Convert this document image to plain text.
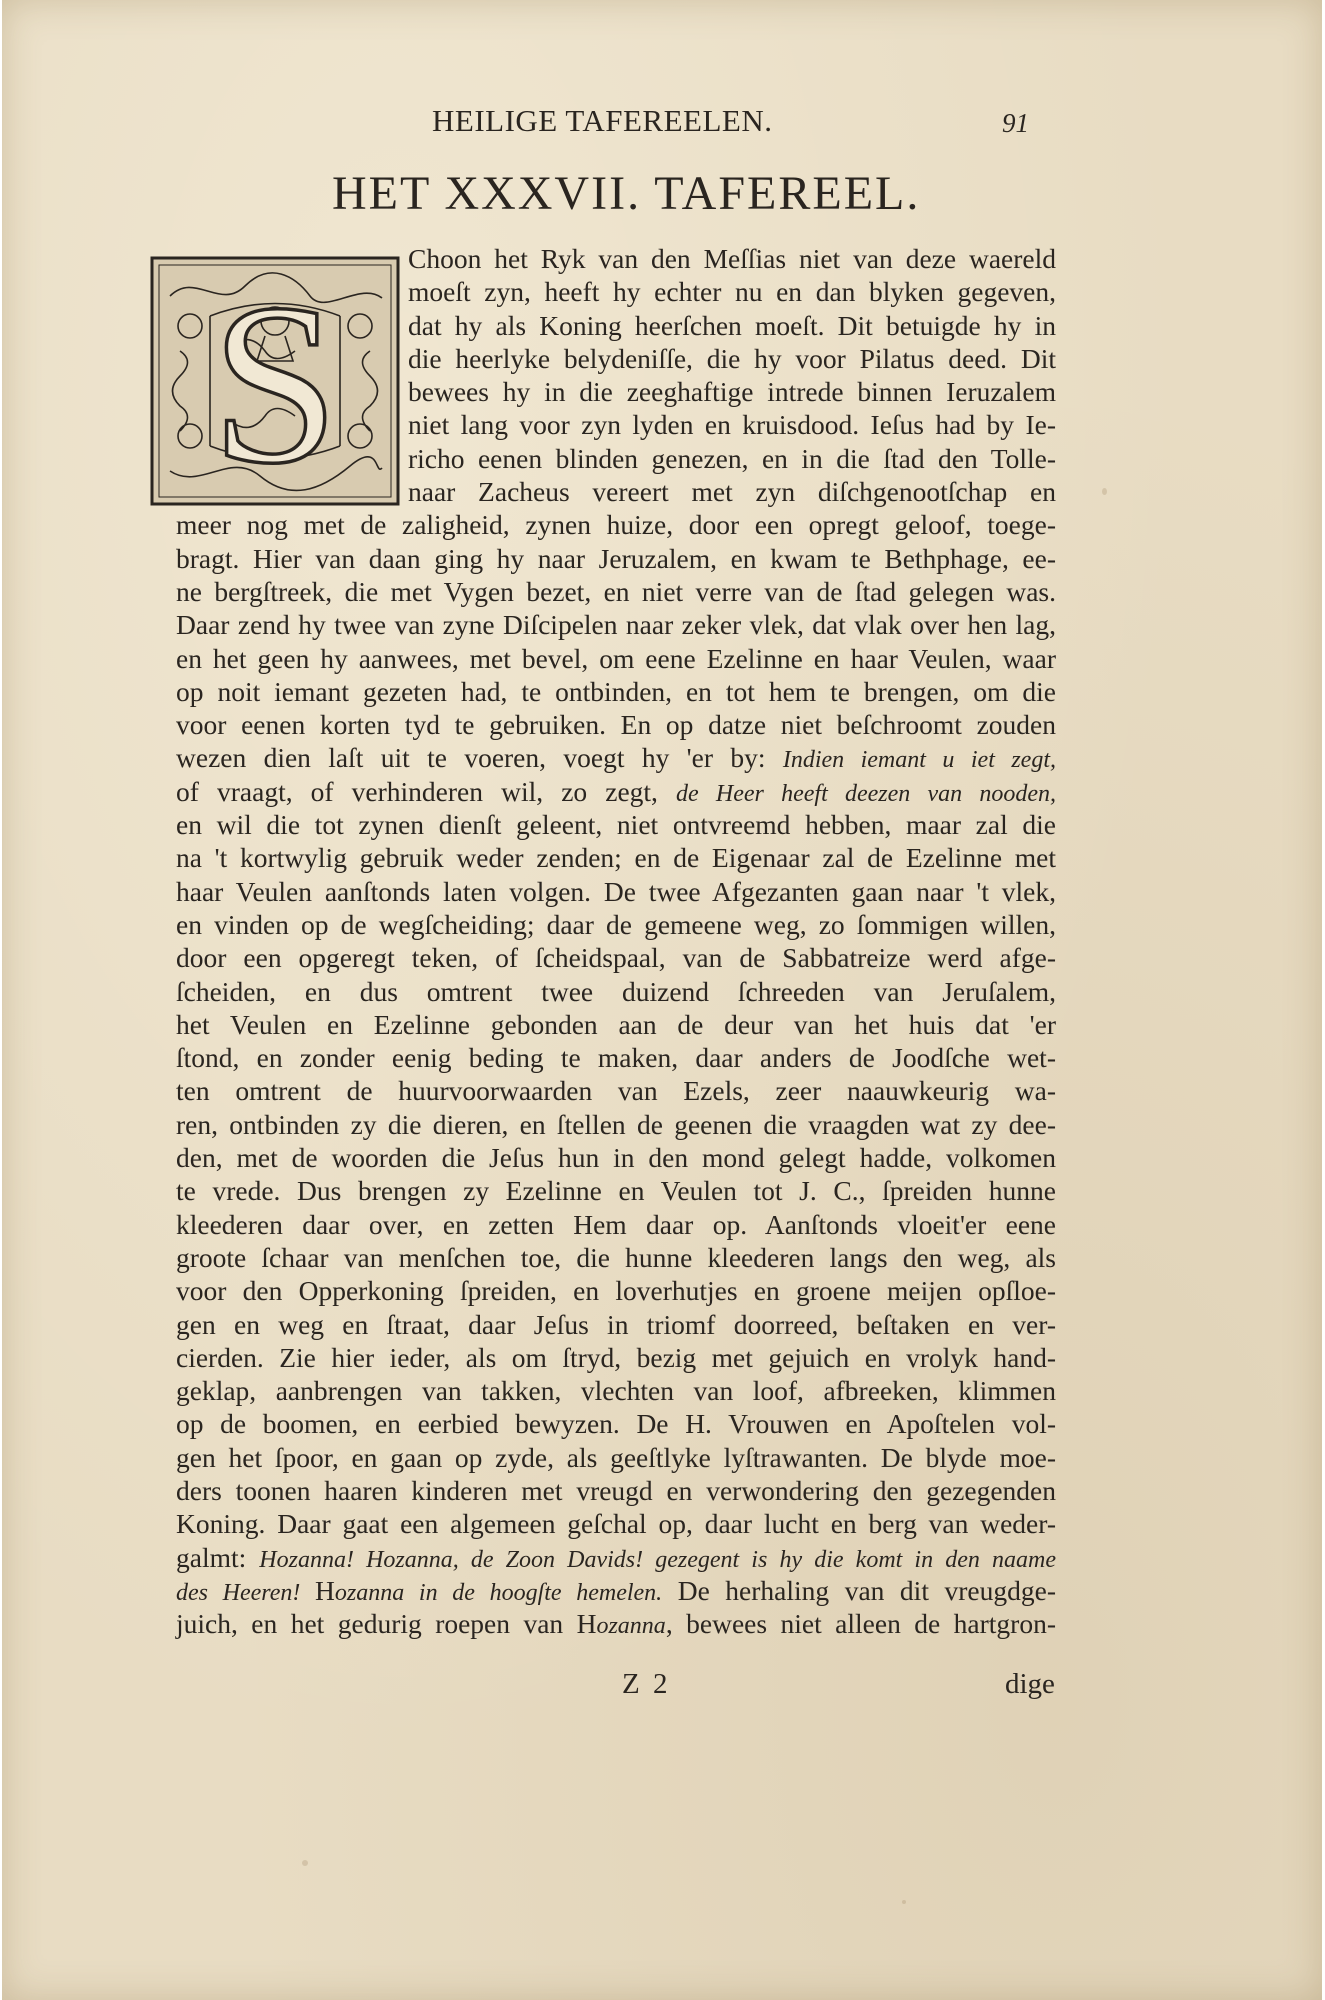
HEILIGE TAFEREELEN.	91
HET XXXVII. TAFEREEL.
S	Choon het Ryk van den Meſſias niet van deze waereld
moeſt zyn, heeft hy echter nu en dan blyken gegeven,
dat hy als Koning heerſchen moeſt. Dit betuigde hy in
die heerlyke belydeniſſe, die hy voor Pilatus deed. Dit
bewees hy in die zeeghaftige intrede binnen Ieruzalem
niet lang voor zyn lyden en kruisdood. Ieſus had by Ie-
richo eenen blinden genezen, en in die ſtad den Tolle-
naar Zacheus vereert met zyn diſchgenootſchap en
meer nog met de zaligheid, zynen huize, door een opregt geloof, toege-
bragt. Hier van daan ging hy naar Jeruzalem, en kwam te Bethphage, ee-
ne bergſtreek, die met Vygen bezet, en niet verre van de ſtad gelegen was.
Daar zend hy twee van zyne Diſcipelen naar zeker vlek, dat vlak over hen lag,
en het geen hy aanwees, met bevel, om eene Ezelinne en haar Veulen, waar
op noit iemant gezeten had, te ontbinden, en tot hem te brengen, om die
voor eenen korten tyd te gebruiken. En op datze niet beſchroomt zouden
wezen dien laſt uit te voeren, voegt hy 'er by: Indien iemant u iet zegt,
of vraagt, of verhinderen wil, zo zegt, de Heer heeft deezen van nooden,
en wil die tot zynen dienſt geleent, niet ontvreemd hebben, maar zal die
na 't kortwylig gebruik weder zenden; en de Eigenaar zal de Ezelinne met
haar Veulen aanſtonds laten volgen. De twee Afgezanten gaan naar 't vlek,
en vinden op de wegſcheiding; daar de gemeene weg, zo ſommigen willen,
door een opgeregt teken, of ſcheidspaal, van de Sabbatreize werd afge-
ſcheiden, en dus omtrent twee duizend ſchreeden van Jeruſalem,
het Veulen en Ezelinne gebonden aan de deur van het huis dat 'er
ſtond, en zonder eenig beding te maken, daar anders de Joodſche wet-
ten omtrent de huurvoorwaarden van Ezels, zeer naauwkeurig wa-
ren, ontbinden zy die dieren, en ſtellen de geenen die vraagden wat zy dee-
den, met de woorden die Jeſus hun in den mond gelegt hadde, volkomen
te vrede. Dus brengen zy Ezelinne en Veulen tot J. C., ſpreiden hunne
kleederen daar over, en zetten Hem daar op. Aanſtonds vloeit'er eene
groote ſchaar van menſchen toe, die hunne kleederen langs den weg, als
voor den Opperkoning ſpreiden, en loverhutjes en groene meijen opſloe-
gen en weg en ſtraat, daar Jeſus in triomf doorreed, beſtaken en ver-
cierden. Zie hier ieder, als om ſtryd, bezig met gejuich en vrolyk hand-
geklap, aanbrengen van takken, vlechten van loof, afbreeken, klimmen
op de boomen, en eerbied bewyzen. De H. Vrouwen en Apoſtelen vol-
gen het ſpoor, en gaan op zyde, als geeſtlyke lyſtrawanten. De blyde moe-
ders toonen haaren kinderen met vreugd en verwondering den gezegenden
Koning. Daar gaat een algemeen geſchal op, daar lucht en berg van weder-
galmt: Hozanna! Hozanna, de Zoon Davids! gezegent is hy die komt in den naame
des Heeren! Hozanna in de hoogſte hemelen. De herhaling van dit vreugdge-
juich, en het gedurig roepen van Hozanna, bewees niet alleen de hartgron-
Z 2	dige
